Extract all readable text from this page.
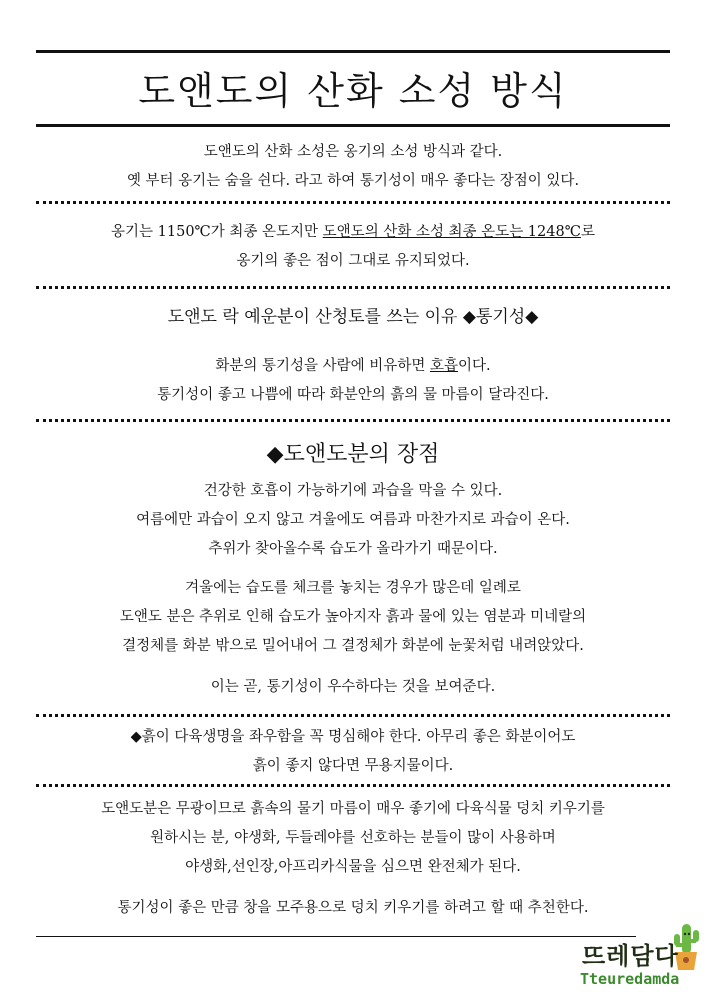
도앤도의 산화 소성 방식
도앤도의 산화 소성은 옹기의 소성 방식과 같다.
옛 부터 옹기는 숨을 쉰다. 라고 하여 통기성이 매우 좋다는 장점이 있다.
옹기는 1150℃가 최종 온도지만 도앤도의 산화 소성 최종 온도는 1248℃로
옹기의 좋은 점이 그대로 유지되었다.
도앤도 락 예운분이 산청토를 쓰는 이유 ◆통기성◆
화분의 통기성을 사람에 비유하면 호흡이다.
통기성이 좋고 나쁨에 따라 화분안의 흙의 물 마름이 달라진다.
◆도앤도분의 장점
건강한 호흡이 가능하기에 과습을 막을 수 있다.
여름에만 과습이 오지 않고 겨울에도 여름과 마찬가지로 과습이 온다.
추위가 찾아올수록 습도가 올라가기 때문이다.
겨울에는 습도를 체크를 놓치는 경우가 많은데 일례로
도앤도 분은 추위로 인해 습도가 높아지자 흙과 물에 있는 염분과 미네랄의
결정체를 화분 밖으로 밀어내어 그 결정체가 화분에 눈꽃처럼 내려앉았다.
이는 곧, 통기성이 우수하다는 것을 보여준다.
◆흙이 다육생명을 좌우함을 꼭 명심해야 한다. 아무리 좋은 화분이어도
흙이 좋지 않다면 무용지물이다.
도앤도분은 무광이므로 흙속의 물기 마름이 매우 좋기에 다육식물 덩치 키우기를
원하시는 분, 야생화, 두들레야를 선호하는 분들이 많이 사용하며
야생화,선인장,아프리카식물을 심으면 완전체가 된다.
통기성이 좋은 만큼 창을 모주용으로 덩치 키우기를 하려고 할 때 추천한다.
뜨레담다
Tteuredamda
